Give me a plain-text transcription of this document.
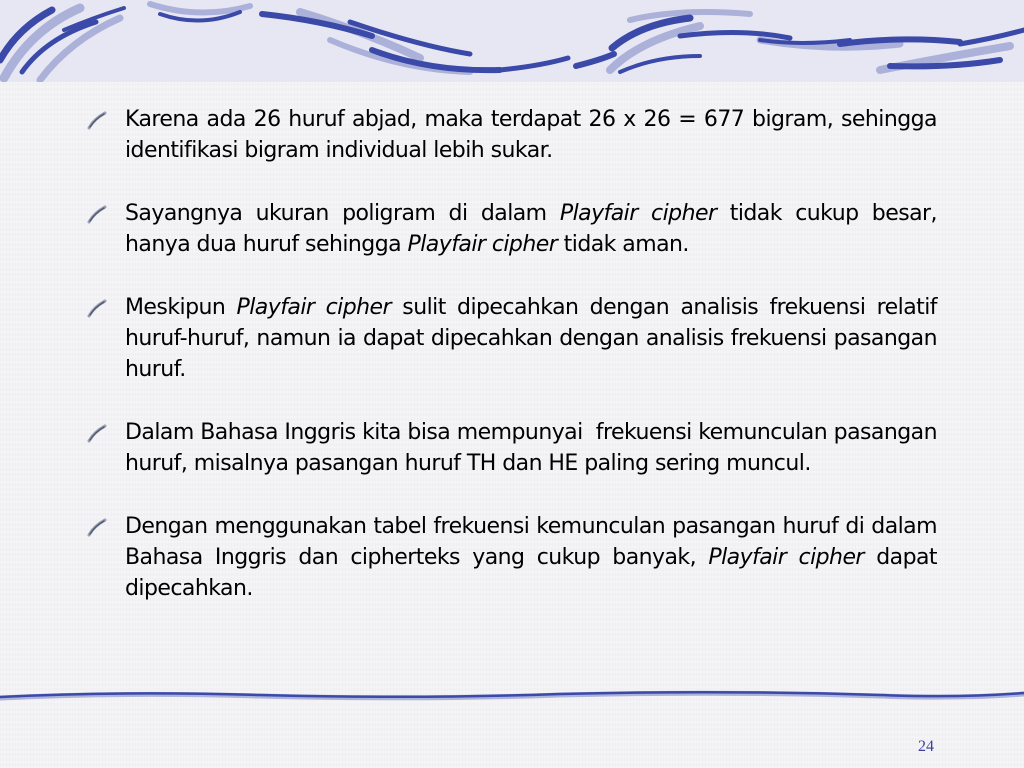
Karena ada 26 huruf abjad, maka terdapat 26 x 26 = 677 bigram, sehingga identifikasi bigram individual lebih sukar.
Sayangnya ukuran poligram di dalam Playfair cipher tidak cukup besar, hanya dua huruf sehingga Playfair cipher tidak aman.
Meskipun Playfair cipher sulit dipecahkan dengan analisis frekuensi relatif huruf-huruf, namun ia dapat dipecahkan dengan analisis frekuensi pasangan huruf.
Dalam Bahasa Inggris kita bisa mempunyai  frekuensi kemunculan pasangan huruf, misalnya pasangan huruf TH dan HE paling sering muncul.
Dengan menggunakan tabel frekuensi kemunculan pasangan huruf di dalam Bahasa Inggris dan cipherteks yang cukup banyak, Playfair cipher dapat dipecahkan.
24
